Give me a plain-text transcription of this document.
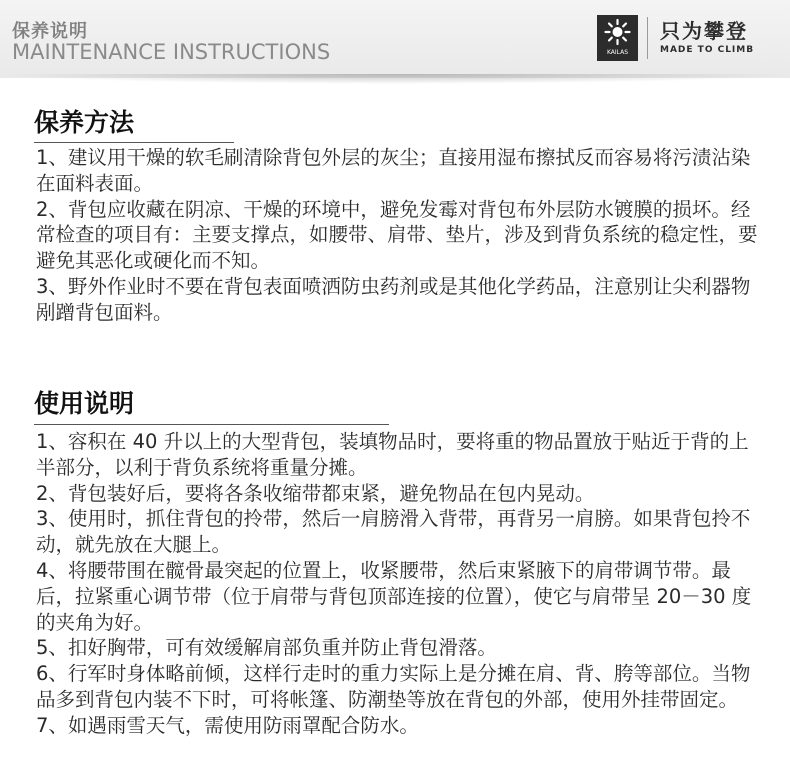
保养说明
MAINTENANCE INSTRUCTIONS	KAILAS
只为攀登
MADE TO CLIMB
保养方法

1、建议用干燥的软毛刷清除背包外层的灰尘；直接用湿布擦拭反而容易将污渍沾染在面料表面。

2、背包应收藏在阴凉、干燥的环境中，避免发霉对背包布外层防水镀膜的损坏。经常检查的项目有：主要支撑点，如腰带、肩带、垫片，涉及到背负系统的稳定性，要避免其恶化或硬化而不知。

3、野外作业时不要在背包表面喷洒防虫药剂或是其他化学药品，注意别让尖利器物剐蹭背包面料。

使用说明

1、容积在 40 升以上的大型背包，装填物品时，要将重的物品置放于贴近于背的上半部分，以利于背负系统将重量分摊。

2、背包装好后，要将各条收缩带都束紧，避免物品在包内晃动。

3、使用时，抓住背包的拎带，然后一肩膀滑入背带，再背另一肩膀。如果背包拎不动，就先放在大腿上。

4、将腰带围在髋骨最突起的位置上，收紧腰带，然后束紧腋下的肩带调节带。最后，拉紧重心调节带（位于肩带与背包顶部连接的位置），使它与肩带呈 20－30 度的夹角为好。

5、扣好胸带，可有效缓解肩部负重并防止背包滑落。

6、行军时身体略前倾，这样行走时的重力实际上是分摊在肩、背、胯等部位。当物品多到背包内装不下时，可将帐篷、防潮垫等放在背包的外部，使用外挂带固定。

7、如遇雨雪天气，需使用防雨罩配合防水。
